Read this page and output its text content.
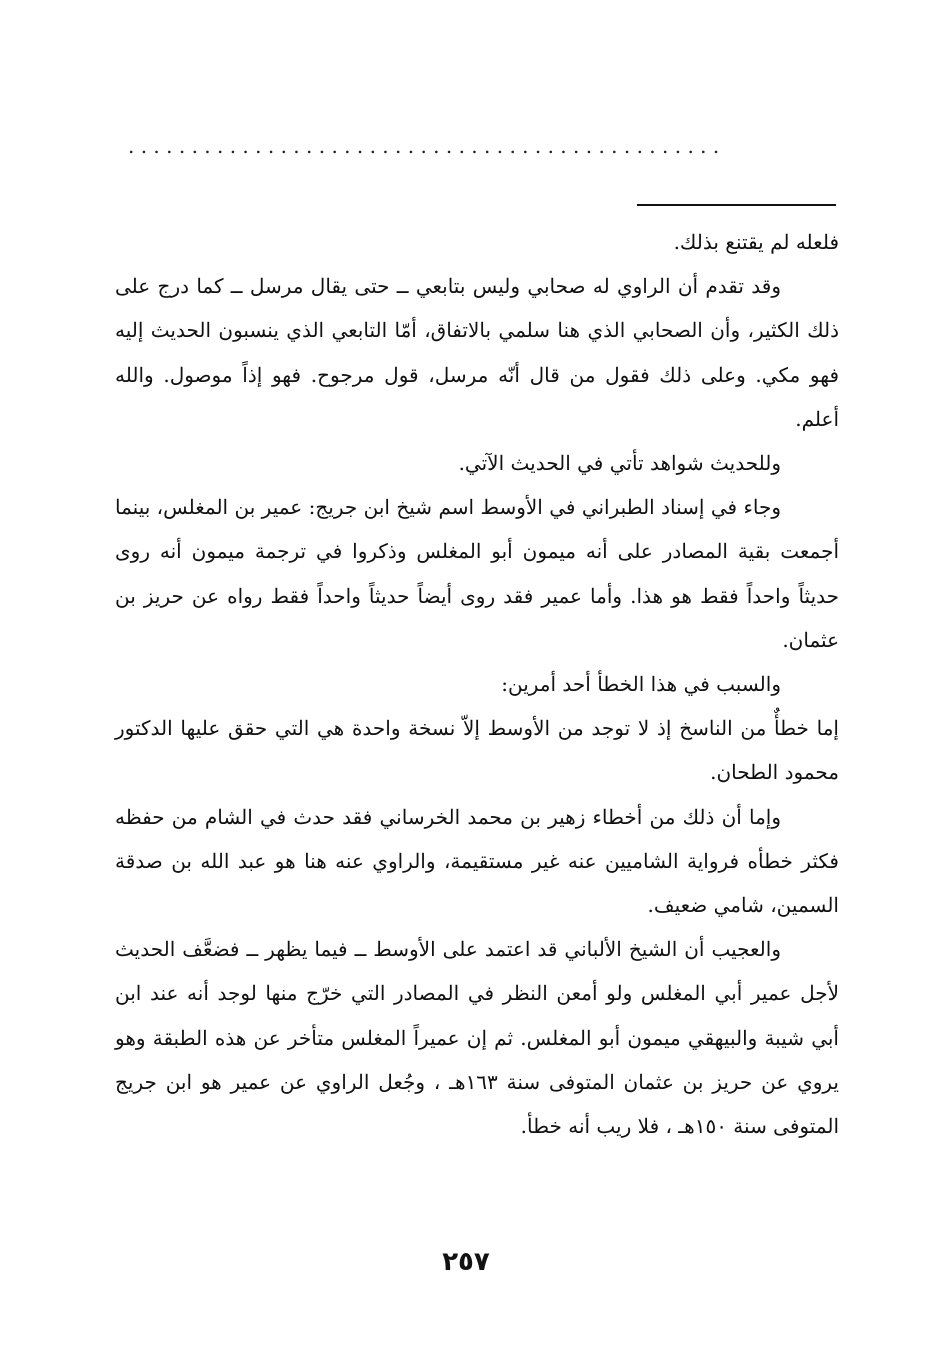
. . . . . . . . . . . . . . . . . . . . . . . . . . . . . . . . . . . . . . . . . . . . . . .

فلعله لم يقتنع بذلك.

وقد تقدم أن الراوي له صحابي وليس بتابعي ــ حتى يقال مرسل ــ كما درج على ذلك الكثير، وأن الصحابي الذي هنا سلمي بالاتفاق، أمّا التابعي الذي ينسبون الحديث إليه فهو مكي. وعلى ذلك فقول من قال أنّه مرسل، قول مرجوح. فهو إذاً موصول. والله أعلم.

وللحديث شواهد تأتي في الحديث الآتي.

وجاء في إسناد الطبراني في الأوسط اسم شيخ ابن جريج: عمير بن المغلس، بينما أجمعت بقية المصادر على أنه ميمون أبو المغلس وذكروا في ترجمة ميمون أنه روى حديثاً واحداً فقط هو هذا. وأما عمير فقد روى أيضاً حديثاً واحداً فقط رواه عن حريز بن عثمان.

والسبب في هذا الخطأ أحد أمرين:

إما خطأٌ من الناسخ إذ لا توجد من الأوسط إلاّ نسخة واحدة هي التي حقق عليها الدكتور محمود الطحان.

وإما أن ذلك من أخطاء زهير بن محمد الخرساني فقد حدث في الشام من حفظه فكثر خطأه فرواية الشاميين عنه غير مستقيمة، والراوي عنه هنا هو عبد الله بن صدقة السمين، شامي ضعيف.

والعجيب أن الشيخ الألباني قد اعتمد على الأوسط ــ فيما يظهر ــ فضعَّف الحديث لأجل عمير أبي المغلس ولو أمعن النظر في المصادر التي خرّج منها لوجد أنه عند ابن أبي شيبة والبيهقي ميمون أبو المغلس. ثم إن عميراً المغلس متأخر عن هذه الطبقة وهو يروي عن حريز بن عثمان المتوفى سنة ١٦٣هـ ، وجُعل الراوي عن عمير هو ابن جريج المتوفى سنة ١٥٠هـ ، فلا ريب أنه خطأ.

٢٥٧
